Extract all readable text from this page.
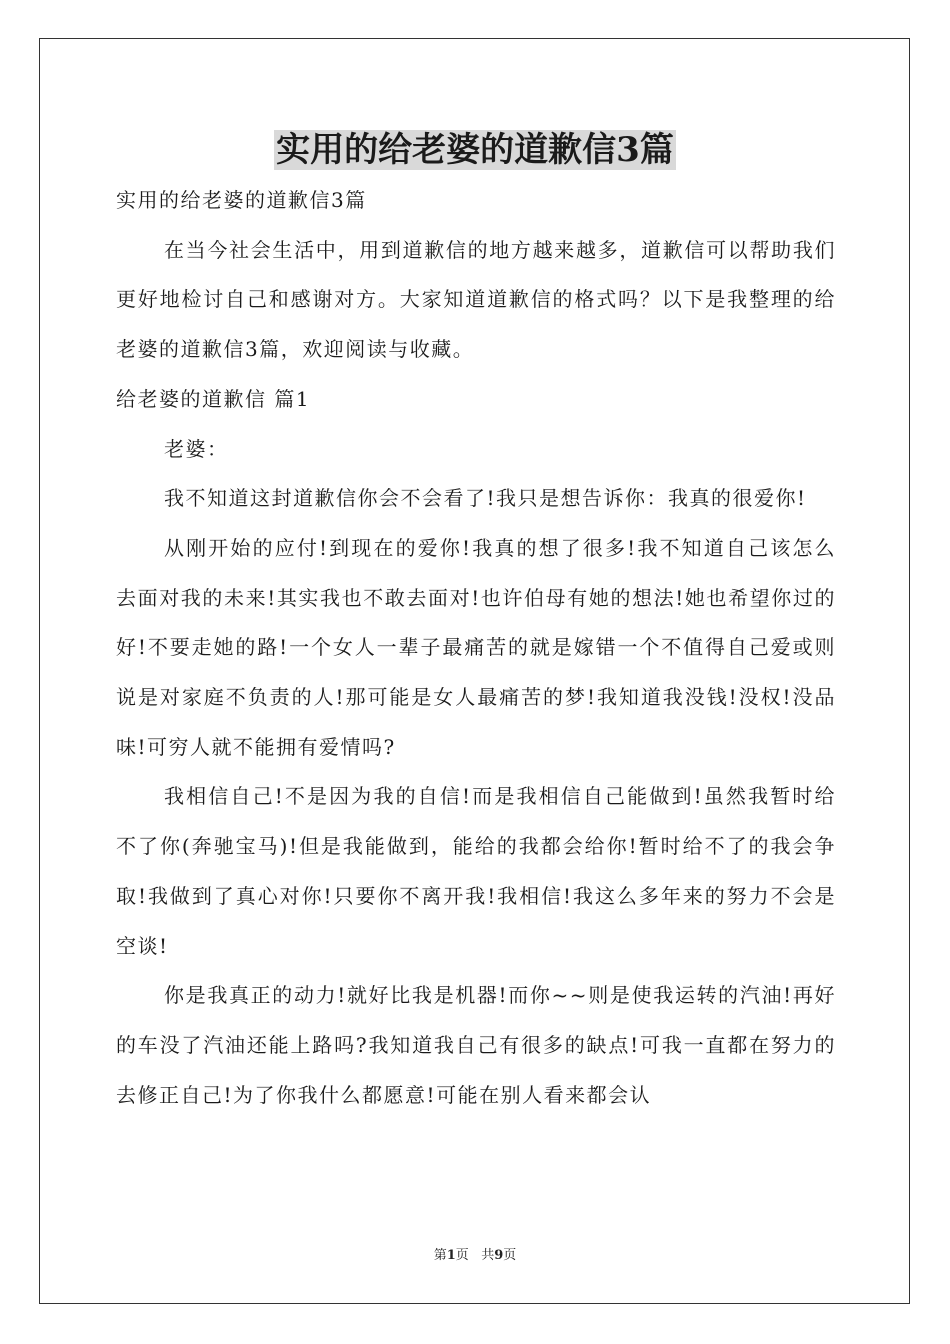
实用的给老婆的道歉信3篇

实用的给老婆的道歉信3篇

在当今社会生活中，用到道歉信的地方越来越多，道歉信可以帮助我们更好地检讨自己和感谢对方。大家知道道歉信的格式吗？以下是我整理的给老婆的道歉信3篇，欢迎阅读与收藏。

给老婆的道歉信 篇1

老婆：

我不知道这封道歉信你会不会看了!我只是想告诉你：我真的很爱你!

从刚开始的应付!到现在的爱你!我真的想了很多!我不知道自己该怎么去面对我的未来!其实我也不敢去面对!也许伯母有她的想法!她也希望你过的好!不要走她的路!一个女人一辈子最痛苦的就是嫁错一个不值得自己爱或则说是对家庭不负责的人!那可能是女人最痛苦的梦!我知道我没钱!没权!没品味!可穷人就不能拥有爱情吗?

我相信自己!不是因为我的自信!而是我相信自己能做到!虽然我暂时给不了你(奔驰宝马)!但是我能做到，能给的我都会给你!暂时给不了的我会争取!我做到了真心对你!只要你不离开我!我相信!我这么多年来的努力不会是空谈!

你是我真正的动力!就好比我是机器!而你~~则是使我运转的汽油!再好的车没了汽油还能上路吗?我知道我自己有很多的缺点!可我一直都在努力的去修正自己!为了你我什么都愿意!可能在别人看来都会认

第1页 共9页
